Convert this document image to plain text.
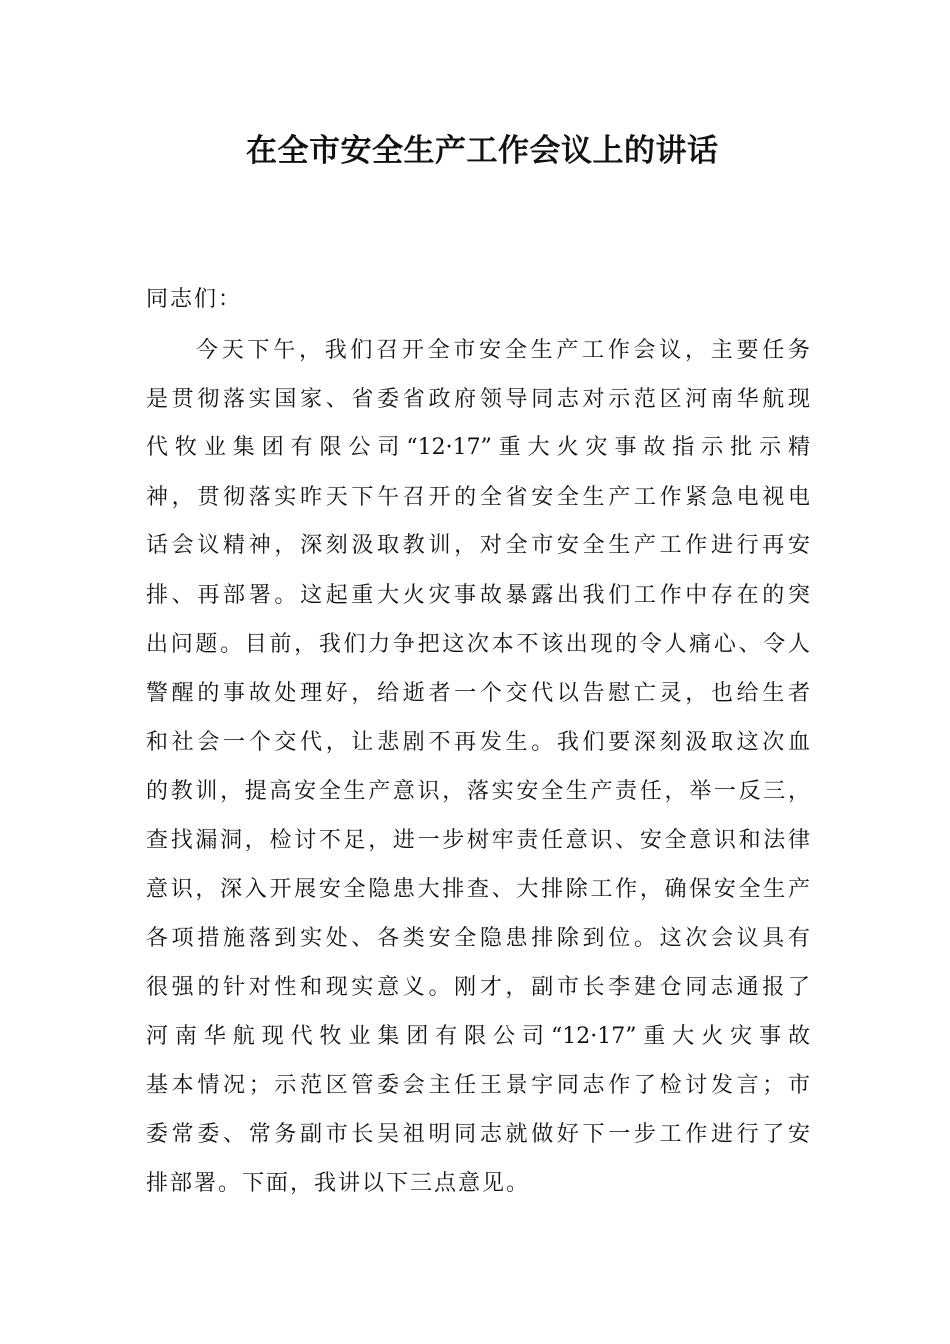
在全市安全生产工作会议上的讲话

同志们：

今天下午，我们召开全市安全生产工作会议，主要任务

是贯彻落实国家、省委省政府领导同志对示范区河南华航现

代牧业集团有限公司“12·17”重大火灾事故指示批示精

神，贯彻落实昨天下午召开的全省安全生产工作紧急电视电

话会议精神，深刻汲取教训，对全市安全生产工作进行再安

排、再部署。这起重大火灾事故暴露出我们工作中存在的突

出问题。目前，我们力争把这次本不该出现的令人痛心、令人

警醒的事故处理好，给逝者一个交代以告慰亡灵，也给生者

和社会一个交代，让悲剧不再发生。我们要深刻汲取这次血

的教训，提高安全生产意识，落实安全生产责任，举一反三，

查找漏洞，检讨不足，进一步树牢责任意识、安全意识和法律

意识，深入开展安全隐患大排查、大排除工作，确保安全生产

各项措施落到实处、各类安全隐患排除到位。这次会议具有

很强的针对性和现实意义。刚才，副市长李建仓同志通报了

河南华航现代牧业集团有限公司“12·17”重大火灾事故

基本情况；示范区管委会主任王景宇同志作了检讨发言；市

委常委、常务副市长吴祖明同志就做好下一步工作进行了安

排部署。下面，我讲以下三点意见。
